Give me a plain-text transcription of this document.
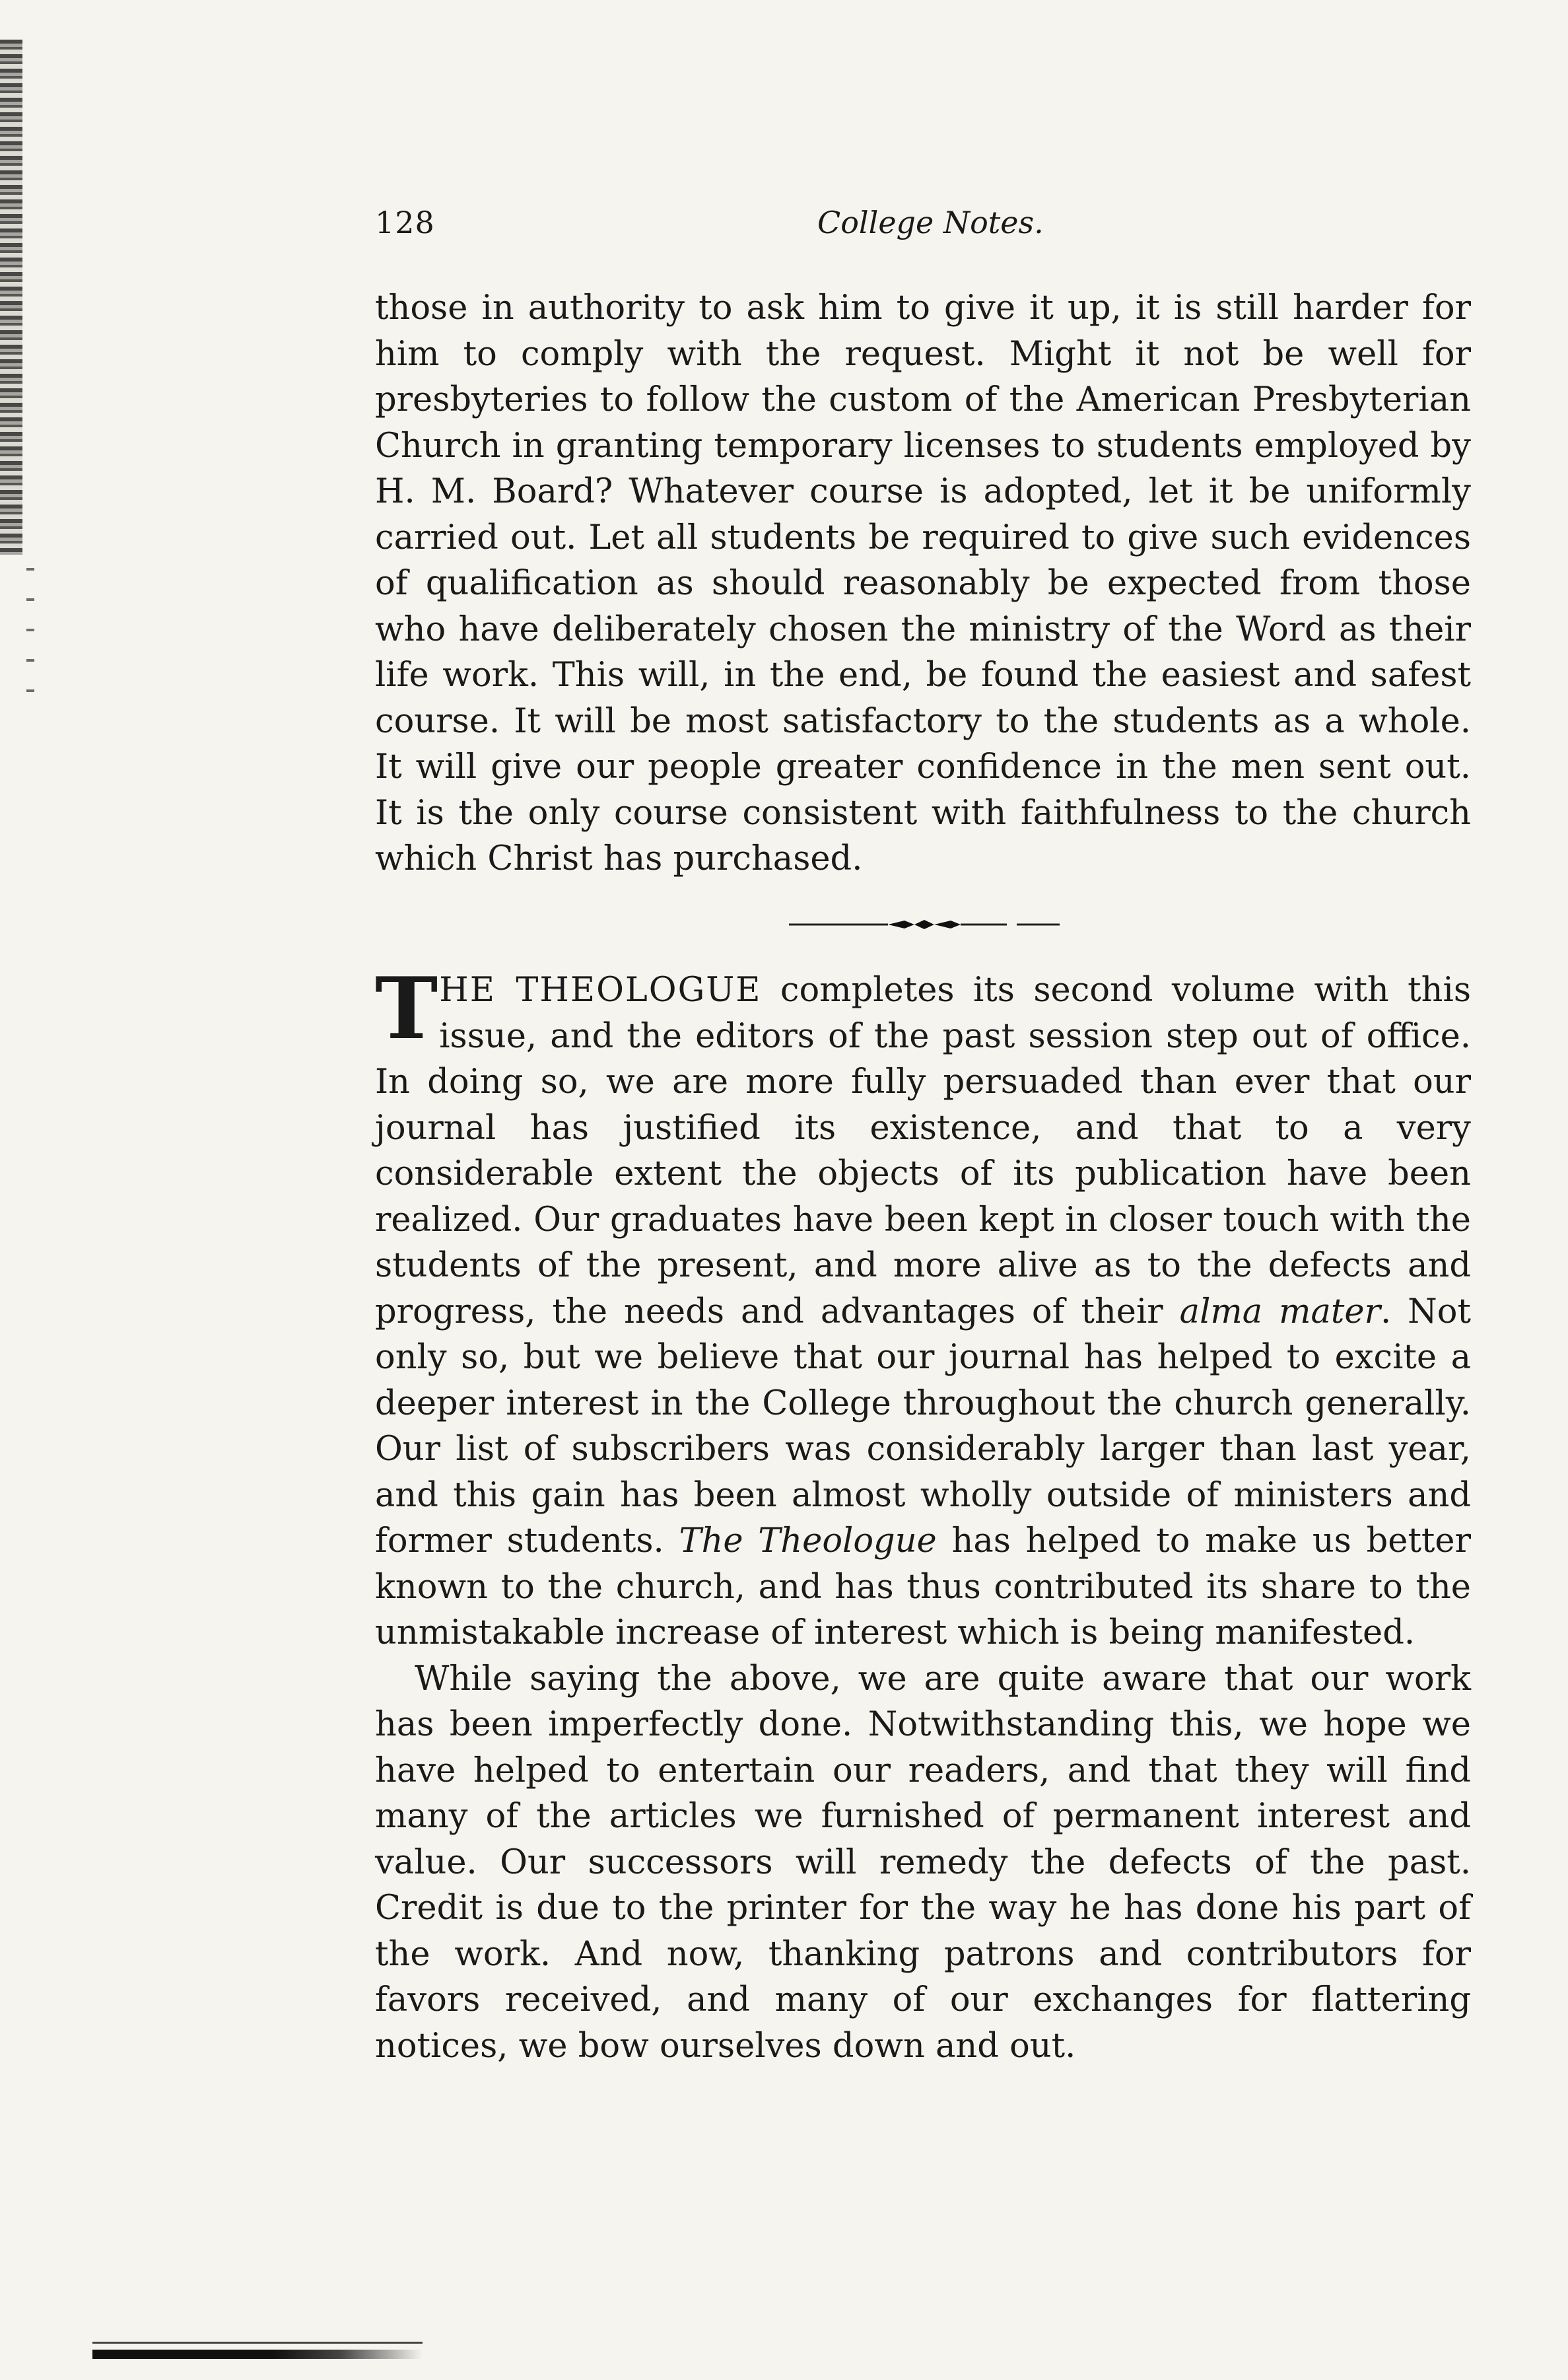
128	College Notes.

those in authority to ask him to give it up, it is still harder for him to comply with the request. Might it not be well for presbyteries to follow the custom of the American Presbyterian Church in granting temporary licenses to students employed by H. M. Board? Whatever course is adopted, let it be uniformly carried out. Let all students be required to give such evidences of qualification as should reasonably be expected from those who have deliberately chosen the ministry of the Word as their life work. This will, in the end, be found the easiest and safest course. It will be most satisfactory to the students as a whole. It will give our people greater confidence in the men sent out. It is the only course consistent with faithfulness to the church which Christ has purchased.

THE THEOLOGUE completes its second volume with this issue, and the editors of the past session step out of office. In doing so, we are more fully persuaded than ever that our journal has justified its existence, and that to a very considerable extent the objects of its publication have been realized. Our graduates have been kept in closer touch with the students of the present, and more alive as to the defects and progress, the needs and advantages of their alma mater. Not only so, but we believe that our journal has helped to excite a deeper interest in the College throughout the church generally. Our list of subscribers was considerably larger than last year, and this gain has been almost wholly outside of ministers and former students. The Theologue has helped to make us better known to the church, and has thus contributed its share to the unmistakable increase of interest which is being manifested.

While saying the above, we are quite aware that our work has been imperfectly done. Notwithstanding this, we hope we have helped to entertain our readers, and that they will find many of the articles we furnished of permanent interest and value. Our successors will remedy the defects of the past. Credit is due to the printer for the way he has done his part of the work. And now, thanking patrons and contributors for favors received, and many of our exchanges for flattering notices, we bow ourselves down and out.
